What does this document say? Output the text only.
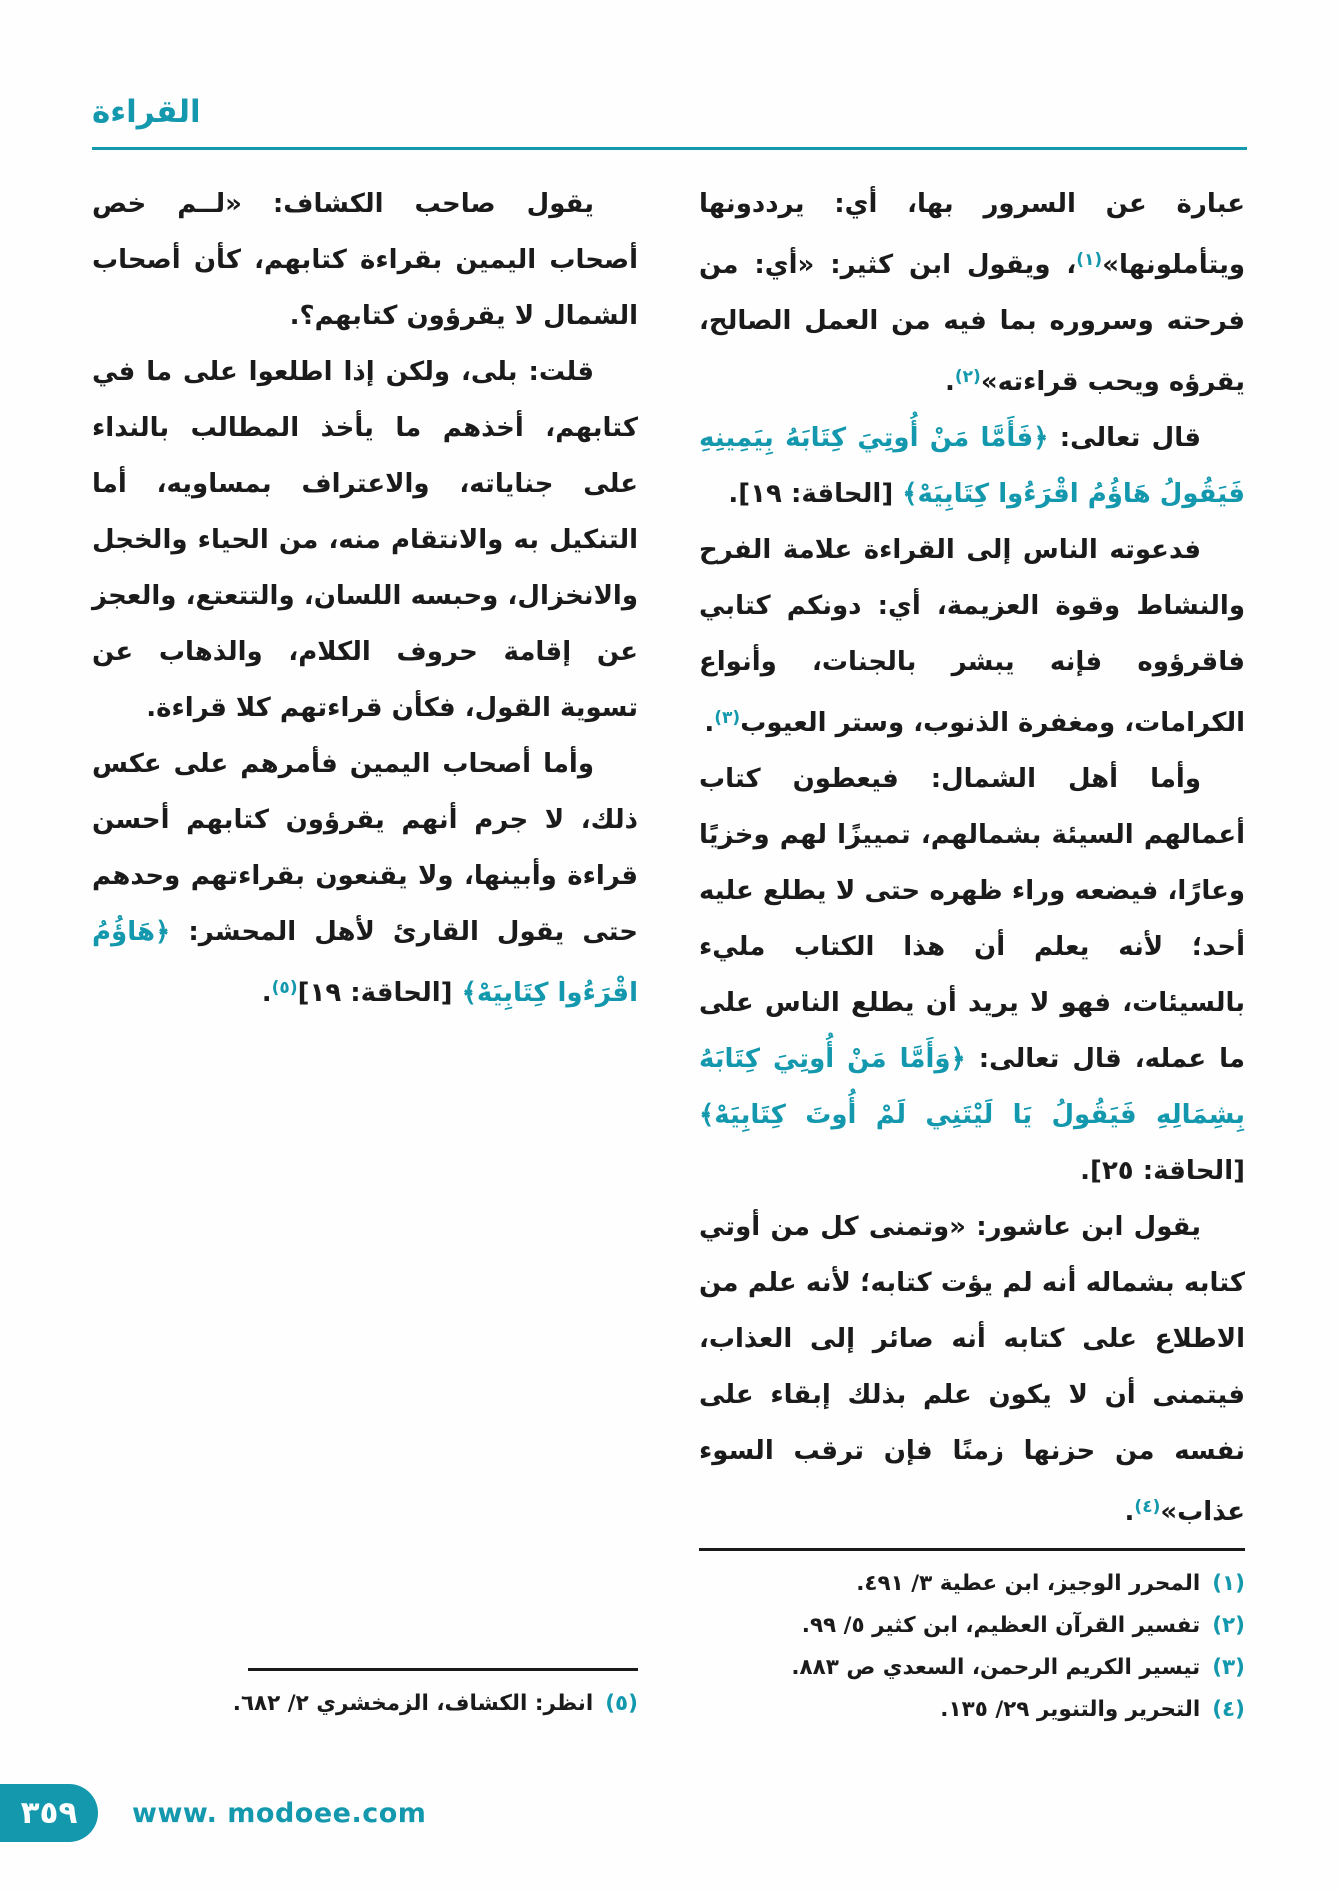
القراءة

عبارة عن السرور بها، أي: يرددونها ويتأملونها»$^{(١)}$، ويقول ابن كثير: «أي: من فرحته وسروره بما فيه من العمل الصالح، يقرؤه ويحب قراءته»$^{(٢)}$.

قال تعالى: ﴿فَأَمَّا مَنْ أُوتِيَ كِتَابَهُ بِيَمِينِهِ فَيَقُولُ هَاؤُمُ اقْرَءُوا كِتَابِيَهْ﴾ [الحاقة: ١٩].

فدعوته الناس إلى القراءة علامة الفرح والنشاط وقوة العزيمة، أي: دونكم كتابي فاقرؤوه فإنه يبشر بالجنات، وأنواع الكرامات، ومغفرة الذنوب، وستر العيوب$^{(٣)}$.

وأما أهل الشمال: فيعطون كتاب أعمالهم السيئة بشمالهم، تمييزًا لهم وخزيًا وعارًا، فيضعه وراء ظهره حتى لا يطلع عليه أحد؛ لأنه يعلم أن هذا الكتاب مليء بالسيئات، فهو لا يريد أن يطلع الناس على ما عمله، قال تعالى: ﴿وَأَمَّا مَنْ أُوتِيَ كِتَابَهُ بِشِمَالِهِ فَيَقُولُ يَا لَيْتَنِي لَمْ أُوتَ كِتَابِيَهْ﴾ [الحاقة: ٢٥].

يقول ابن عاشور: «وتمنى كل من أوتي كتابه بشماله أنه لم يؤت كتابه؛ لأنه علم من الاطلاع على كتابه أنه صائر إلى العذاب، فيتمنى أن لا يكون علم بذلك إبقاء على نفسه من حزنها زمنًا فإن ترقب السوء عذاب»$^{(٤)}$.

يقول صاحب الكشاف: «لــم خص أصحاب اليمين بقراءة كتابهم، كأن أصحاب الشمال لا يقرؤون كتابهم؟.

قلت: بلى، ولكن إذا اطلعوا على ما في كتابهم، أخذهم ما يأخذ المطالب بالنداء على جناياته، والاعتراف بمساويه، أما التنكيل به والانتقام منه، من الحياء والخجل والانخزال، وحبسه اللسان، والتتعتع، والعجز عن إقامة حروف الكلام، والذهاب عن تسوية القول، فكأن قراءتهم كلا قراءة.

وأما أصحاب اليمين فأمرهم على عكس ذلك، لا جرم أنهم يقرؤون كتابهم أحسن قراءة وأبينها، ولا يقنعون بقراءتهم وحدهم حتى يقول القارئ لأهل المحشر: ﴿هَاؤُمُ اقْرَءُوا كِتَابِيَهْ﴾ [الحاقة: ١٩]$^{(٥)}$.

(١)المحرر الوجيز، ابن عطية ٣/ ٤٩١.

(٢)تفسير القرآن العظيم، ابن كثير ٥/ ٩٩.

(٣)تيسير الكريم الرحمن، السعدي ص ٨٨٣.

(٤)التحرير والتنوير ٢٩/ ١٣٥.

(٥)انظر: الكشاف، الزمخشري ٢/ ٦٨٢.

٣٥٩ www. modoee.com
